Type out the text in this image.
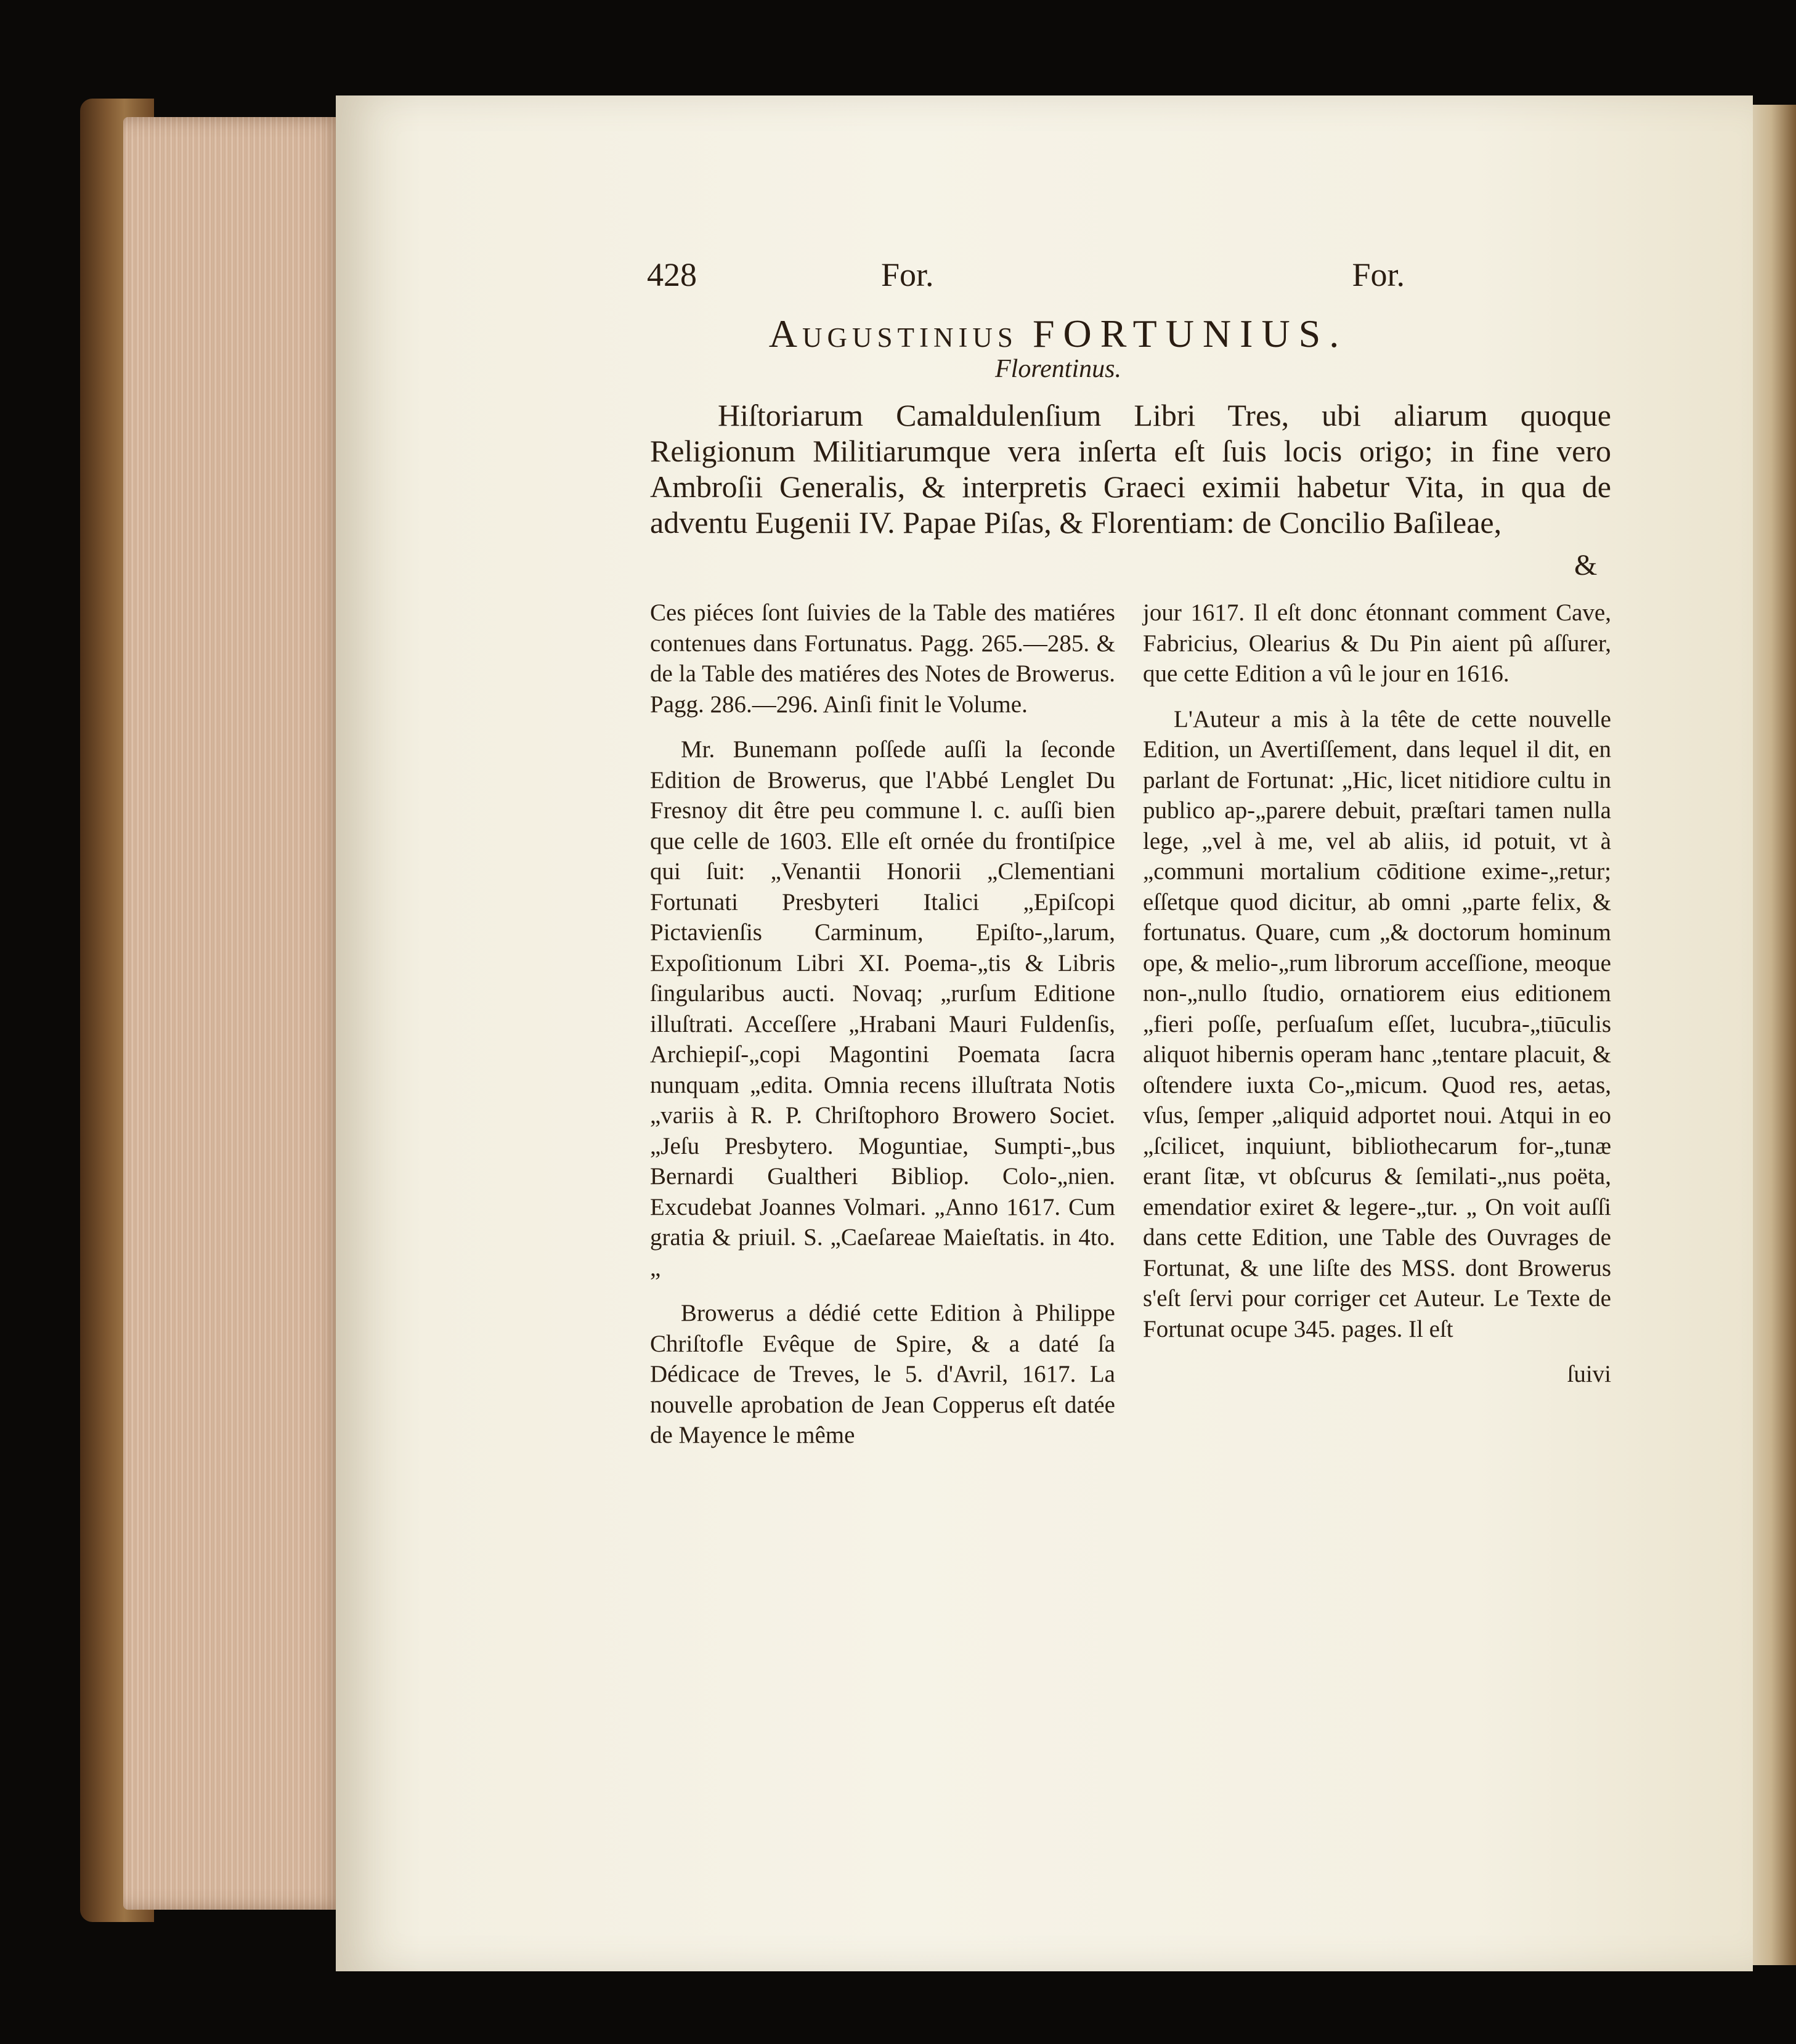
428	For.	For.
Augustinius FORTUNIUS.
Florentinus.

Hiſtoriarum Camaldulenſium Libri Tres, ubi aliarum quoque Religionum Militiarumque vera inſerta eſt ſuis locis origo; in fine vero Ambroſii Generalis, & interpretis Graeci eximii habetur Vita, in qua de adventu Eugenii IV. Papae Piſas, & Florentiam: de Concilio Baſileae,

&

Ces piéces ſont ſuivies de la Table des matiéres contenues dans Fortunatus. Pagg. 265.—285. & de la Table des matiéres des Notes de Browerus. Pagg. 286.—296. Ainſi finit le Volume.

Mr. Bunemann poſſede auſſi la ſeconde Edition de Browerus, que l'Abbé Lenglet Du Fresnoy dit être peu commune l. c. auſſi bien que celle de 1603. Elle eſt ornée du frontiſpice qui ſuit: „Venantii Honorii „Clementiani Fortunati Presbyteri Italici „Epiſcopi Pictavienſis Carminum, Epiſto-„larum, Expoſitionum Libri XI. Poema-„tis & Libris ſingularibus aucti. Novaq; „rurſum Editione illuſtrati. Acceſſere „Hrabani Mauri Fuldenſis, Archiepiſ-„copi Magontini Poemata ſacra nunquam „edita. Omnia recens illuſtrata Notis „variis à R. P. Chriſtophoro Browero Societ. „Jeſu Presbytero. Moguntiae, Sumpti-„bus Bernardi Gualtheri Bibliop. Colo-„nien. Excudebat Joannes Volmari. „Anno 1617. Cum gratia & priuil. S. „Caeſareae Maieſtatis. in 4to. „

Browerus a dédié cette Edition à Philippe Chriſtofle Evêque de Spire, & a daté ſa Dédicace de Treves, le 5. d'Avril, 1617. La nouvelle aprobation de Jean Copperus eſt datée de Mayence le même

jour 1617. Il eſt donc étonnant comment Cave, Fabricius, Olearius & Du Pin aient pû aſſurer, que cette Edition a vû le jour en 1616.

L'Auteur a mis à la tête de cette nouvelle Edition, un Avertiſſement, dans lequel il dit, en parlant de Fortunat: „Hic, licet nitidiore cultu in publico ap-„parere debuit, præſtari tamen nulla lege, „vel à me, vel ab aliis, id potuit, vt à „communi mortalium cōditione exime-„retur; eſſetque quod dicitur, ab omni „parte felix, & fortunatus. Quare, cum „& doctorum hominum ope, & melio-„rum librorum acceſſione, meoque non-„nullo ſtudio, ornatiorem eius editionem „fieri poſſe, perſuaſum eſſet, lucubra-„tiūculis aliquot hibernis operam hanc „tentare placuit, & oſtendere iuxta Co-„micum. Quod res, aetas, vſus, ſemper „aliquid adportet noui. Atqui in eo „ſcilicet, inquiunt, bibliothecarum for-„tunæ erant ſitæ, vt obſcurus & ſemilati-„nus poëta, emendatior exiret & legere-„tur. „ On voit auſſi dans cette Edition, une Table des Ouvrages de Fortunat, & une liſte des MSS. dont Browerus s'eſt ſervi pour corriger cet Auteur. Le Texte de Fortunat ocupe 345. pages. Il eſt

ſuivi
